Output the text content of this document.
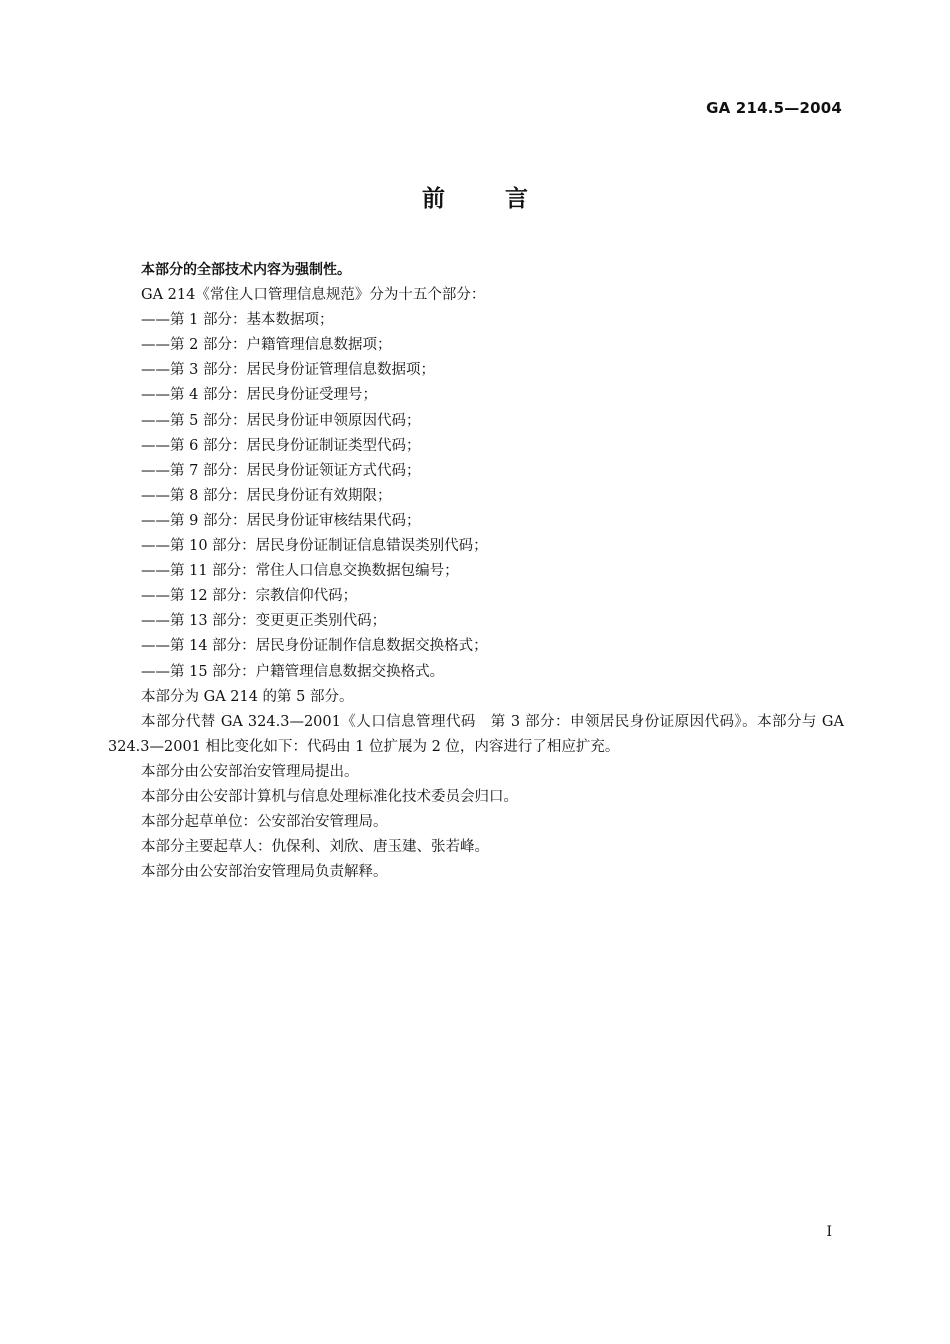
GA 214.5—2004
前言

本部分的全部技术内容为强制性。

GA 214《常住人口管理信息规范》分为十五个部分：

——第 1 部分：基本数据项；

——第 2 部分：户籍管理信息数据项；

——第 3 部分：居民身份证管理信息数据项；

——第 4 部分：居民身份证受理号；

——第 5 部分：居民身份证申领原因代码；

——第 6 部分：居民身份证制证类型代码；

——第 7 部分：居民身份证领证方式代码；

——第 8 部分：居民身份证有效期限；

——第 9 部分：居民身份证审核结果代码；

——第 10 部分：居民身份证制证信息错误类别代码；

——第 11 部分：常住人口信息交换数据包编号；

——第 12 部分：宗教信仰代码；

——第 13 部分：变更更正类别代码；

——第 14 部分：居民身份证制作信息数据交换格式；

——第 15 部分：户籍管理信息数据交换格式。

本部分为 GA 214 的第 5 部分。

本部分代替 GA 324.3—2001《人口信息管理代码　第 3 部分：申领居民身份证原因代码》。本部分与 GA 324.3—2001 相比变化如下：代码由 1 位扩展为 2 位，内容进行了相应扩充。

本部分由公安部治安管理局提出。

本部分由公安部计算机与信息处理标准化技术委员会归口。

本部分起草单位：公安部治安管理局。

本部分主要起草人：仇保利、刘欣、唐玉建、张若峰。

本部分由公安部治安管理局负责解释。

I
